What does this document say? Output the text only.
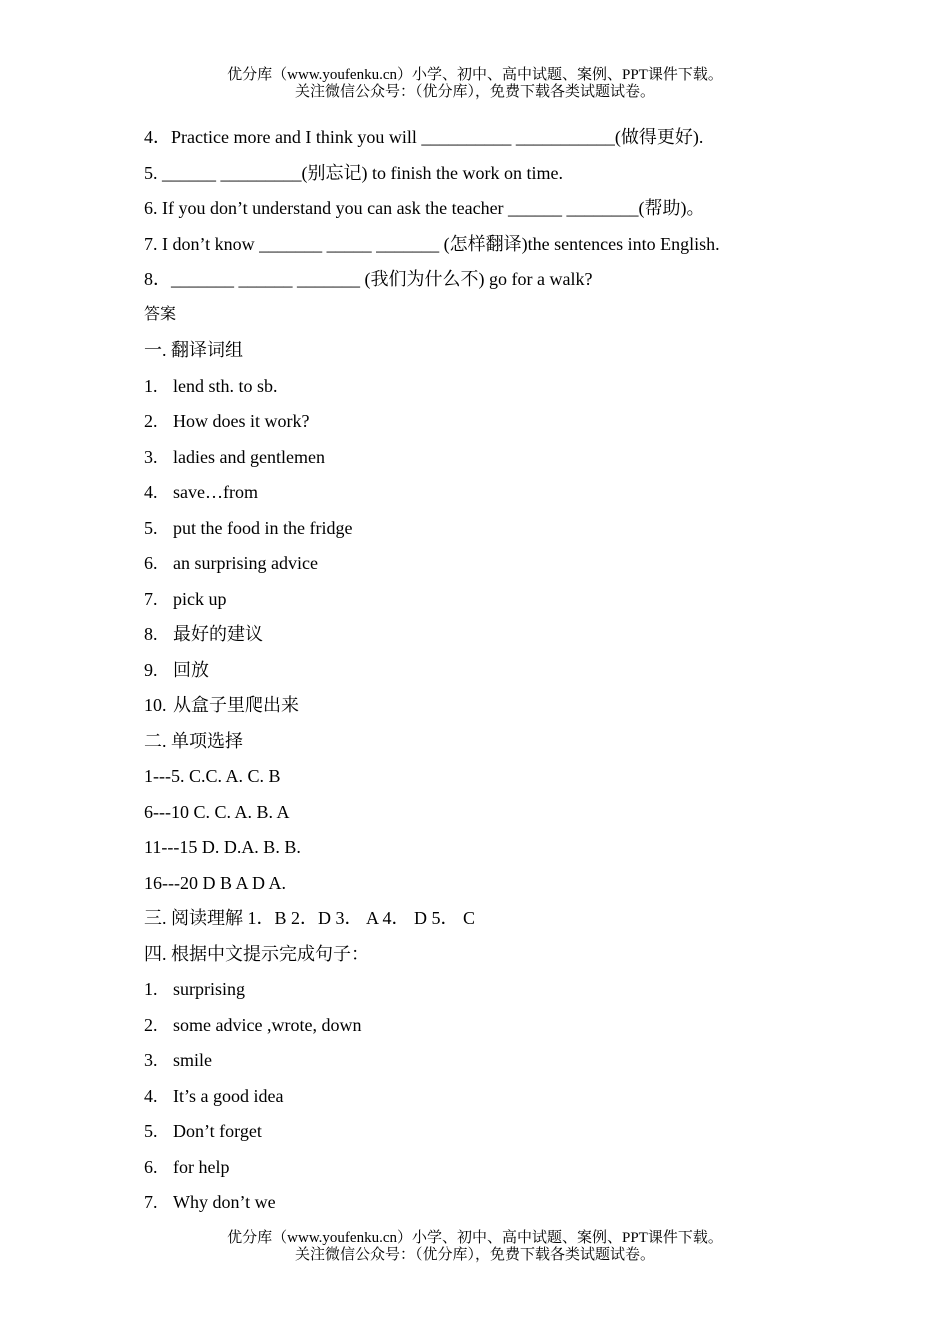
优分库（www.youfenku.cn）小学、初中、高中试题、案例、PPT课件下载。
关注微信公众号：（优分库），免费下载各类试题试卷。
4．Practice more and I think you will __________ ___________(做得更好).
5. ______ _________(别忘记) to finish the work on time.
6. If you don’t understand you can ask the teacher ______ ________(帮助)。
7. I don’t know _______ _____ _______ (怎样翻译)the sentences into English.
8．_______ ______ _______ (我们为什么不) go for a walk?
答案
一. 翻译词组
1. lend sth. to sb.
2. How does it work?
3. ladies and gentlemen
4. save…from
5. put the food in the fridge
6. an surprising advice
7. pick up
8. 最好的建议
9. 回放
10. 从盒子里爬出来
二. 单项选择
1---5. C.C. A. C. B
6---10 C. C. A. B. A
11---15 D. D.A. B. B.
16---20 D B A D A.
三. 阅读理解 1．B 2．D 3． A 4． D 5． C
四. 根据中文提示完成句子：
1. surprising
2. some advice ,wrote, down
3. smile
4. It’s a good idea
5. Don’t forget
6. for help
7. Why don’t we
优分库（www.youfenku.cn）小学、初中、高中试题、案例、PPT课件下载。
关注微信公众号：（优分库），免费下载各类试题试卷。
